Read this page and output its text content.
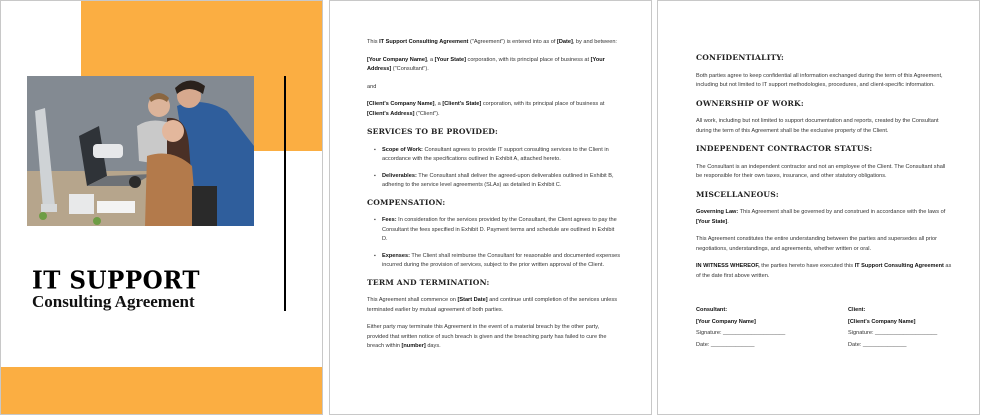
IT SUPPORT
Consulting Agreement

This IT Support Consulting Agreement ("Agreement") is entered into as of [Date], by and between:

[Your Company Name], a [Your State] corporation, with its principal place of business at [Your Address] ("Consultant").

and

[Client's Company Name], a [Client's State] corporation, with its principal place of business at [Client's Address] ("Client").

SERVICES TO BE PROVIDED:
▪ Scope of Work: Consultant agrees to provide IT support consulting services to the Client in accordance with the specifications outlined in Exhibit A, attached hereto.
▪ Deliverables: The Consultant shall deliver the agreed-upon deliverables outlined in Exhibit B, adhering to the service level agreements (SLAs) as detailed in Exhibit C.
COMPENSATION:
▪ Fees: In consideration for the services provided by the Consultant, the Client agrees to pay the Consultant the fees specified in Exhibit D. Payment terms and schedule are outlined in Exhibit D.
▪ Expenses: The Client shall reimburse the Consultant for reasonable and documented expenses incurred during the provision of services, subject to the prior written approval of the Client.
TERM AND TERMINATION:

This Agreement shall commence on [Start Date] and continue until completion of the services unless terminated earlier by mutual agreement of both parties.

Either party may terminate this Agreement in the event of a material breach by the other party, provided that written notice of such breach is given and the breaching party has failed to cure the breach within [number] days.

CONFIDENTIALITY:

Both parties agree to keep confidential all information exchanged during the term of this Agreement, including but not limited to IT support methodologies, procedures, and client-specific information.

OWNERSHIP OF WORK:

All work, including but not limited to support documentation and reports, created by the Consultant during the term of this Agreement shall be the exclusive property of the Client.

INDEPENDENT CONTRACTOR STATUS:

The Consultant is an independent contractor and not an employee of the Client. The Consultant shall be responsible for their own taxes, insurance, and other statutory obligations.

MISCELLANEOUS:

Governing Law: This Agreement shall be governed by and construed in accordance with the laws of [Your State].

This Agreement constitutes the entire understanding between the parties and supersedes all prior negotiations, understandings, and agreements, whether written or oral.

IN WITNESS WHEREOF, the parties hereto have executed this IT Support Consulting Agreement as of the date first above written.

Consultant:
[Your Company Name]
Signature: ____________________
Date: ______________
Client:
[Client's Company Name]
Signature: ____________________
Date: ______________
